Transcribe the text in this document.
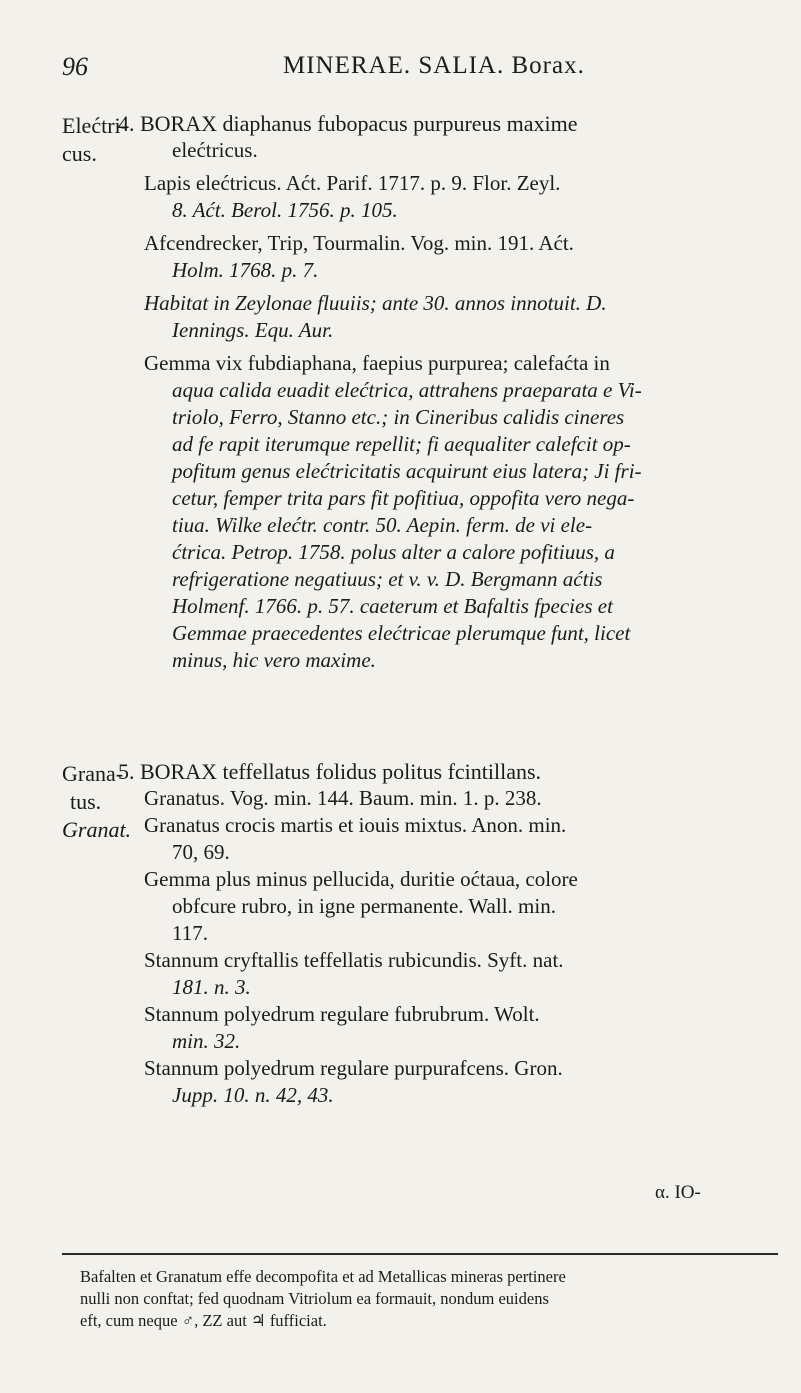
96	MINERAE. SALIA. Borax.
Elećtri-
cus.
Grana-
tus.
Granat.
4. BORAX diaphanus fubopacus purpureus maxime
elećtricus.
Lapis elećtricus. Aćt. Parif. 1717. p. 9. Flor. Zeyl.
8. Aćt. Berol. 1756. p. 105.
Afcendrecker, Trip, Tourmalin. Vog. min. 191. Aćt.
Holm. 1768. p. 7.
Habitat in Zeylonae fluuiis; ante 30. annos innotuit. D.
Iennings. Equ. Aur.
Gemma vix fubdiaphana, faepius purpurea; calefaćta in
aqua calida euadit elećtrica, attrahens praeparata e Vi-
triolo, Ferro, Stanno etc.; in Cineribus calidis cineres
ad fe rapit iterumque repellit; fi aequaliter calefcit op-
pofitum genus elećtricitatis acquirunt eius latera; Ji fri-
cetur, femper trita pars fit pofitiua, oppofita vero nega-
tiua. Wilke elećtr. contr. 50. Aepin. ferm. de vi ele-
ćtrica. Petrop. 1758. polus alter a calore pofitiuus, a
refrigeratione negatiuus; et v. v. D. Bergmann aćtis
Holmenf. 1766. p. 57. caeterum et Bafaltis fpecies et
Gemmae praecedentes elećtricae plerumque funt, licet
minus, hic vero maxime.
5. BORAX teffellatus folidus politus fcintillans.
Granatus. Vog. min. 144. Baum. min. 1. p. 238.
Granatus crocis martis et iouis mixtus. Anon. min.
70, 69.
Gemma plus minus pellucida, duritie oćtaua, colore
obfcure rubro, in igne permanente. Wall. min.
117.
Stannum cryftallis teffellatis rubicundis. Syft. nat.
181. n. 3.
Stannum polyedrum regulare fubrubrum. Wolt.
min. 32.
Stannum polyedrum regulare purpurafcens. Gron.
Jupp. 10. n. 42, 43.
α. IO-
Bafalten et Granatum effe decompofita et ad Metallicas mineras pertinere
nulli non conftat; fed quodnam Vitriolum ea formauit, nondum euidens
eft, cum neque ♂, ZZ aut ♃ fufficiat.
